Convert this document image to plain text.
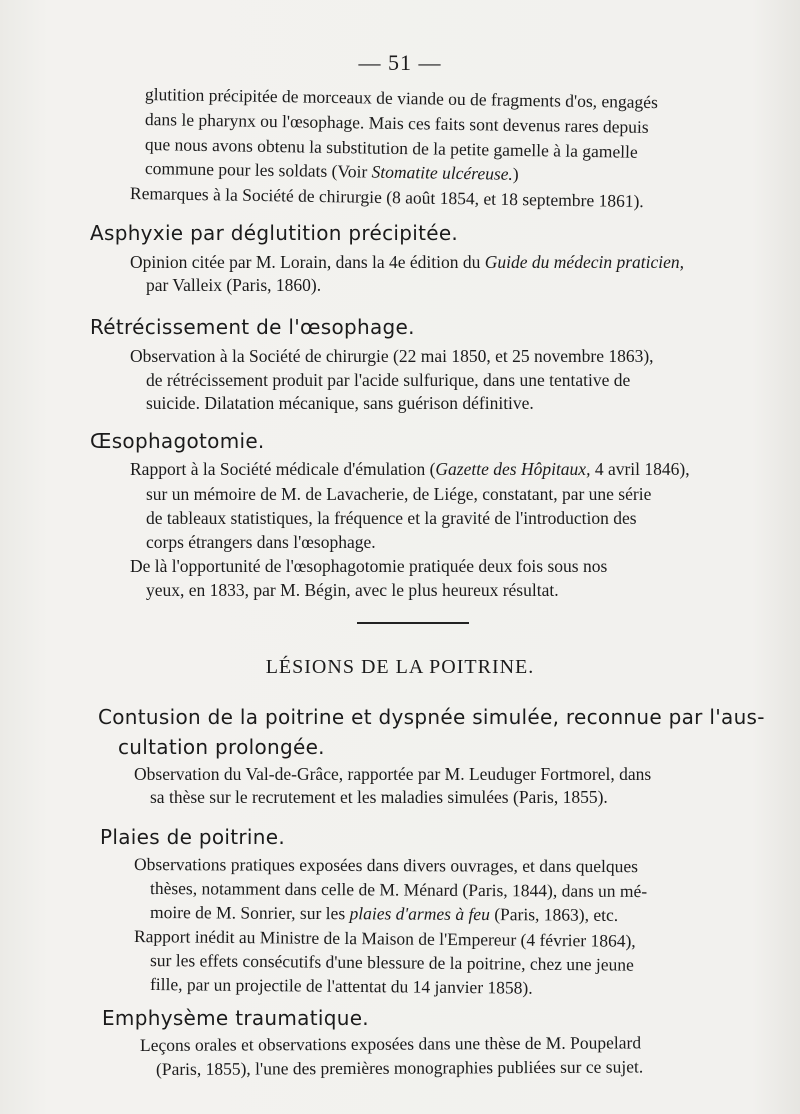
— 51 —
glutition précipitée de morceaux de viande ou de fragments d'os, engagés
dans le pharynx ou l'œsophage. Mais ces faits sont devenus rares depuis
que nous avons obtenu la substitution de la petite gamelle à la gamelle
commune pour les soldats (Voir Stomatite ulcéreuse.)
Remarques à la Société de chirurgie (8 août 1854, et 18 septembre 1861).
Asphyxie par déglutition précipitée.
Opinion citée par M. Lorain, dans la 4e édition du Guide du médecin praticien,
par Valleix (Paris, 1860).
Rétrécissement de l'œsophage.
Observation à la Société de chirurgie (22 mai 1850, et 25 novembre 1863),
de rétrécissement produit par l'acide sulfurique, dans une tentative de
suicide. Dilatation mécanique, sans guérison définitive.
Œsophagotomie.
Rapport à la Société médicale d'émulation (Gazette des Hôpitaux, 4 avril 1846),
sur un mémoire de M. de Lavacherie, de Liége, constatant, par une série
de tableaux statistiques, la fréquence et la gravité de l'introduction des
corps étrangers dans l'œsophage.
De là l'opportunité de l'œsophagotomie pratiquée deux fois sous nos
yeux, en 1833, par M. Bégin, avec le plus heureux résultat.
LÉSIONS DE LA POITRINE.
Contusion de la poitrine et dyspnée simulée, reconnue par l'aus-
cultation prolongée.
Observation du Val-de-Grâce, rapportée par M. Leuduger Fortmorel, dans
sa thèse sur le recrutement et les maladies simulées (Paris, 1855).
Plaies de poitrine.
Observations pratiques exposées dans divers ouvrages, et dans quelques
thèses, notamment dans celle de M. Ménard (Paris, 1844), dans un mé-
moire de M. Sonrier, sur les plaies d'armes à feu (Paris, 1863), etc.
Rapport inédit au Ministre de la Maison de l'Empereur (4 février 1864),
sur les effets consécutifs d'une blessure de la poitrine, chez une jeune
fille, par un projectile de l'attentat du 14 janvier 1858).
Emphysème traumatique.
Leçons orales et observations exposées dans une thèse de M. Poupelard
(Paris, 1855), l'une des premières monographies publiées sur ce sujet.
